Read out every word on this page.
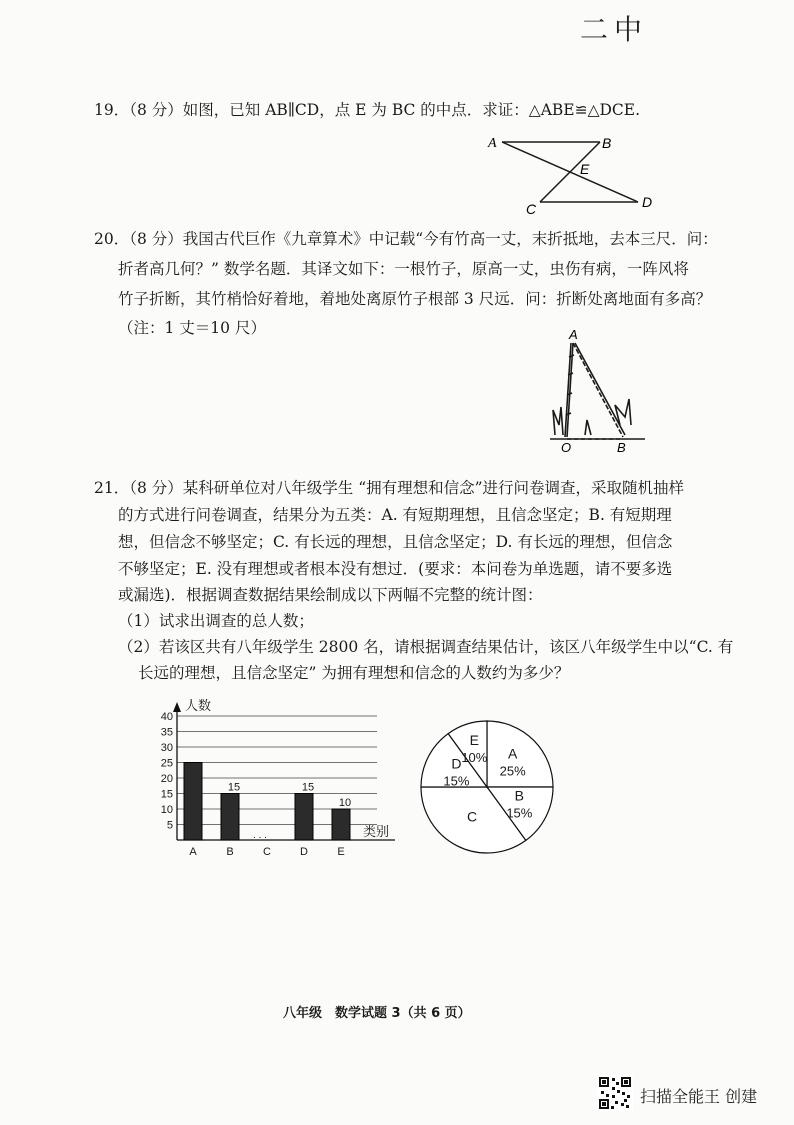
二中
19．（8 分）如图，已知 AB∥CD，点 E 为 BC 的中点．求证：△ABE≌△DCE.
A	B
E
C	D
20．（8 分）我国古代巨作《九章算术》中记载“今有竹高一丈，末折抵地，去本三尺．问：
折者高几何？” 数学名题．其译文如下：一根竹子，原高一丈，虫伤有病，一阵风将
竹子折断，其竹梢恰好着地，着地处离原竹子根部 3 尺远．问：折断处离地面有多高？
（注：1 丈＝10 尺）	A
O	B
21．（8 分）某科研单位对八年级学生 “拥有理想和信念”进行问卷调查，采取随机抽样
的方式进行问卷调查，结果分为五类：A. 有短期理想，且信念坚定；B. 有短期理
想，但信念不够坚定；C. 有长远的理想，且信念坚定；D. 有长远的理想，但信念
不够坚定；E. 没有理想或者根本没有想过．(要求：本问卷为单选题，请不要多选
或漏选)．根据调查数据结果绘制成以下两幅不完整的统计图：
（1）试求出调查的总人数；
（2）若该区共有八年级学生 2800 名，请根据调查结果估计，该区八年级学生中以“C. 有
长远的理想，且信念坚定” 为拥有理想和信念的人数约为多少？
5
10
15
20
25
30
35
40
人数
类别
A	B
15
C
. . .
D
15
E
10
A
25%
B
15%
C
D
15%
E
10%
八年级　数学试题 3（共 6 页）
扫描全能王 创建
